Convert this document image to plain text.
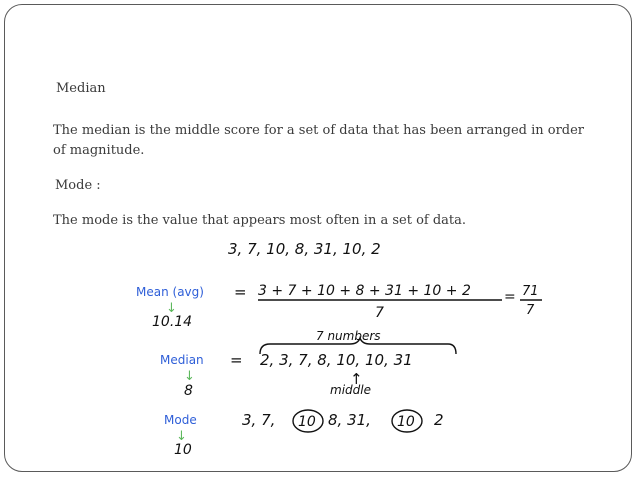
Median
The median is the middle score for a set of data that has been arranged in order of magnitude.
Mode :
The mode is the value that appears most often in a set of data.
3, 7, 10, 8, 31, 10, 2
Mean (avg) = 3 + 7 + 10 + 8 + 31 + 10 + 2
7
= 71
7
↓
10.14
7 numbers
Median = 2, 3, 7, 8, 10, 10, 31
↑
middle
↓
8
Mode	3, 7, 10 8, 31, 10 2
↓
10
